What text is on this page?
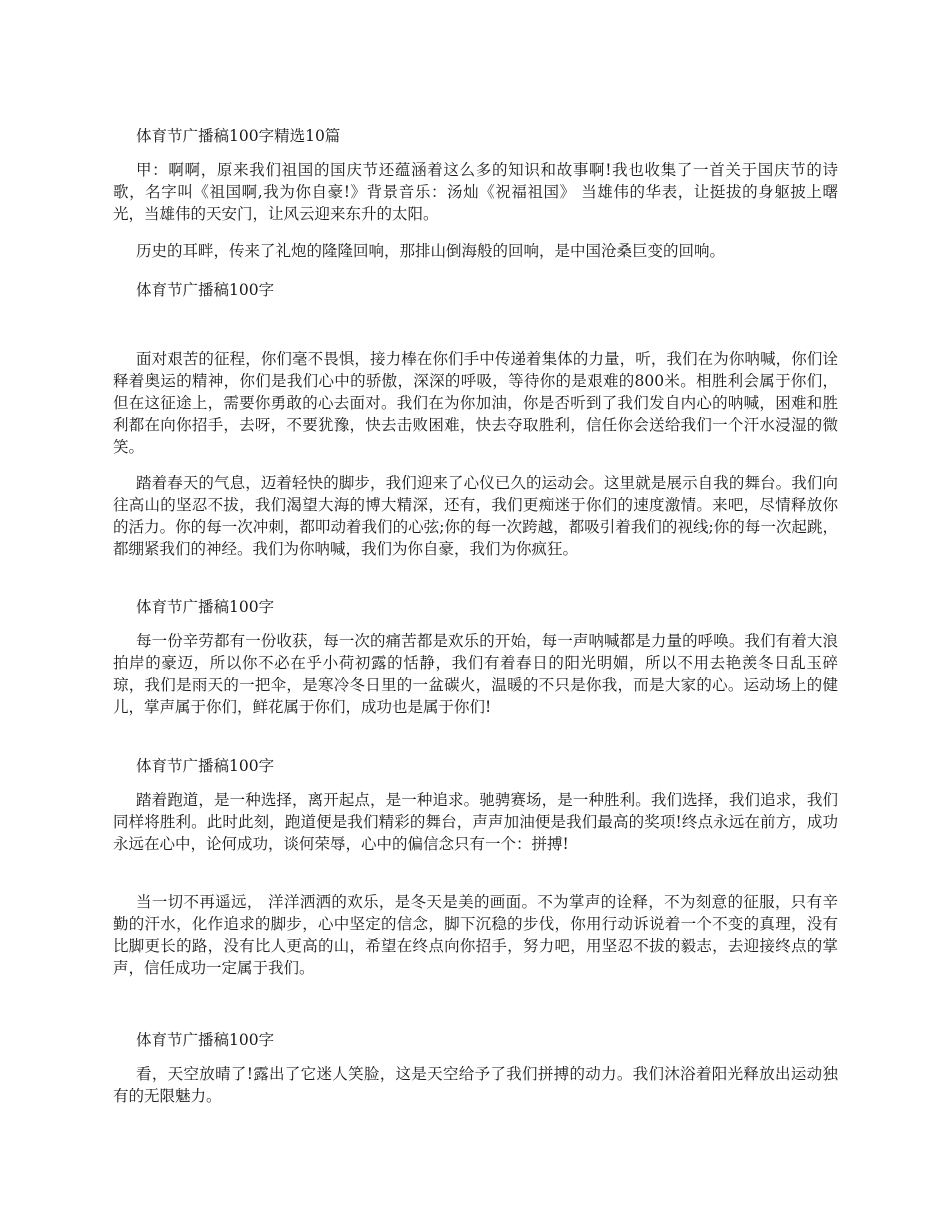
体育节广播稿100字精选10篇

甲：啊啊，原来我们祖国的国庆节还蕴涵着这么多的知识和故事啊!我也收集了一首关于国庆节的诗歌，名字叫《祖国啊,我为你自豪!》背景音乐：汤灿《祝福祖国》 当雄伟的华表，让挺拔的身躯披上曙光，当雄伟的天安门，让风云迎来东升的太阳。

历史的耳畔，传来了礼炮的隆隆回响，那排山倒海般的回响，是中国沧桑巨变的回响。

体育节广播稿100字

面对艰苦的征程，你们毫不畏惧，接力棒在你们手中传递着集体的力量，听，我们在为你呐喊，你们诠释着奥运的精神，你们是我们心中的骄傲，深深的呼吸，等待你的是艰难的800米。相胜利会属于你们，但在这征途上，需要你勇敢的心去面对。我们在为你加油，你是否听到了我们发自内心的呐喊，困难和胜利都在向你招手，去呀，不要犹豫，快去击败困难，快去夺取胜利，信任你会送给我们一个汗水浸湿的微笑。

踏着春天的气息，迈着轻快的脚步，我们迎来了心仪已久的运动会。这里就是展示自我的舞台。我们向往高山的坚忍不拔，我们渴望大海的博大精深，还有，我们更痴迷于你们的速度激情。来吧，尽情释放你的活力。你的每一次冲刺，都叩动着我们的心弦;你的每一次跨越，都吸引着我们的视线;你的每一次起跳，都绷紧我们的神经。我们为你呐喊，我们为你自豪，我们为你疯狂。

体育节广播稿100字

每一份辛劳都有一份收获，每一次的痛苦都是欢乐的开始，每一声呐喊都是力量的呼唤。我们有着大浪拍岸的豪迈，所以你不必在乎小荷初露的恬静，我们有着春日的阳光明媚，所以不用去艳羡冬日乱玉碎琼，我们是雨天的一把伞，是寒冷冬日里的一盆碳火，温暖的不只是你我，而是大家的心。运动场上的健儿，掌声属于你们，鲜花属于你们，成功也是属于你们!

体育节广播稿100字

踏着跑道，是一种选择，离开起点，是一种追求。驰骋赛场，是一种胜利。我们选择，我们追求，我们同样将胜利。此时此刻，跑道便是我们精彩的舞台，声声加油便是我们最高的奖项!终点永远在前方，成功永远在心中，论何成功，谈何荣辱，心中的偏信念只有一个：拼搏!

当一切不再遥远， 洋洋洒洒的欢乐，是冬天是美的画面。不为掌声的诠释，不为刻意的征服，只有辛勤的汗水，化作追求的脚步，心中坚定的信念，脚下沉稳的步伐，你用行动诉说着一个不变的真理，没有比脚更长的路，没有比人更高的山，希望在终点向你招手，努力吧，用坚忍不拔的毅志，去迎接终点的掌声，信任成功一定属于我们。

体育节广播稿100字

看，天空放晴了!露出了它迷人笑脸，这是天空给予了我们拼搏的动力。我们沐浴着阳光释放出运动独有的无限魅力。
